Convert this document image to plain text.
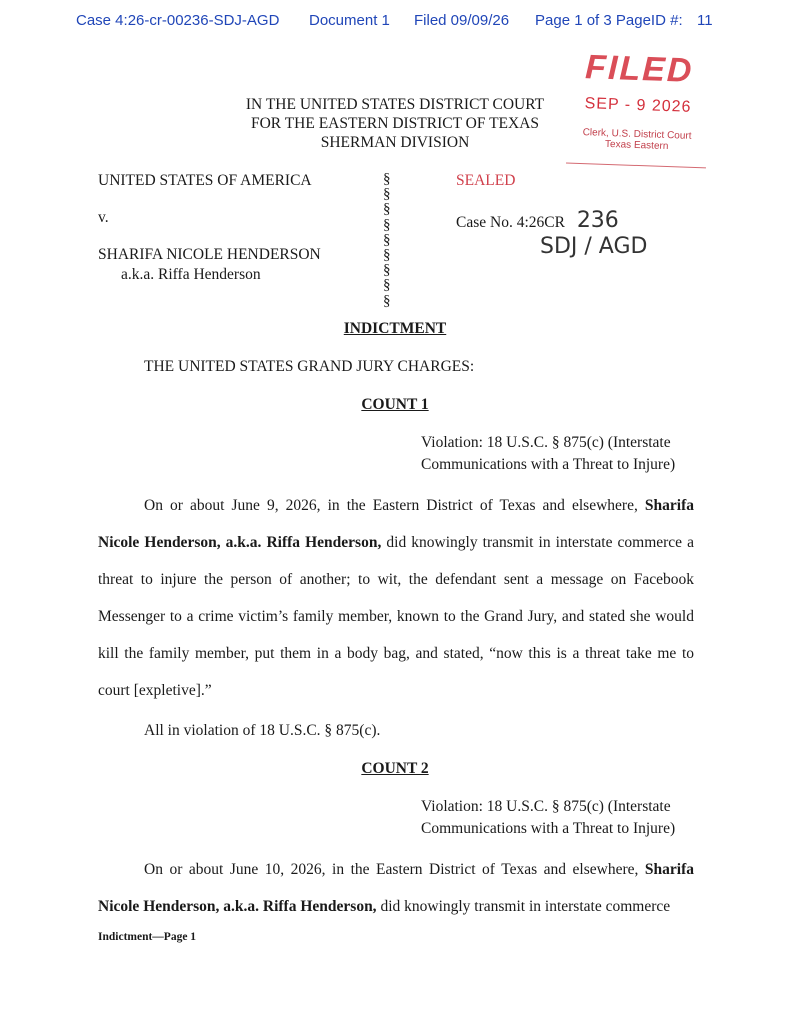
Case 4:26-cr-00236-SDJ-AGD Document 1 Filed 09/09/26 Page 1 of 3 PageID #: 11
IN THE UNITED STATES DISTRICT COURT
FOR THE EASTERN DISTRICT OF TEXAS
SHERMAN DIVISION
FILED
SEP - 9 2026
Clerk, U.S. District Court
Texas Eastern
UNITED STATES OF AMERICA
v.
SHARIFA NICOLE HENDERSON
a.k.a. Riffa Henderson
§
§
§
§
§
§
§
§
§
SEALED
Case No. 4:26CR 236
SDJ / AGD
INDICTMENT
THE UNITED STATES GRAND JURY CHARGES:
COUNT 1
Violation: 18 U.S.C. § 875(c) (Interstate
Communications with a Threat to Injure)
On or about June 9, 2026, in the Eastern District of Texas and elsewhere, Sharifa Nicole Henderson, a.k.a. Riffa Henderson, did knowingly transmit in interstate commerce a threat to injure the person of another; to wit, the defendant sent a message on Facebook Messenger to a crime victim’s family member, known to the Grand Jury, and stated she would kill the family member, put them in a body bag, and stated, “now this is a threat take me to court [expletive].”
All in violation of 18 U.S.C. § 875(c).
COUNT 2
Violation: 18 U.S.C. § 875(c) (Interstate
Communications with a Threat to Injure)
On or about June 10, 2026, in the Eastern District of Texas and elsewhere, Sharifa Nicole Henderson, a.k.a. Riffa Henderson, did knowingly transmit in interstate commerce
Indictment—Page 1
